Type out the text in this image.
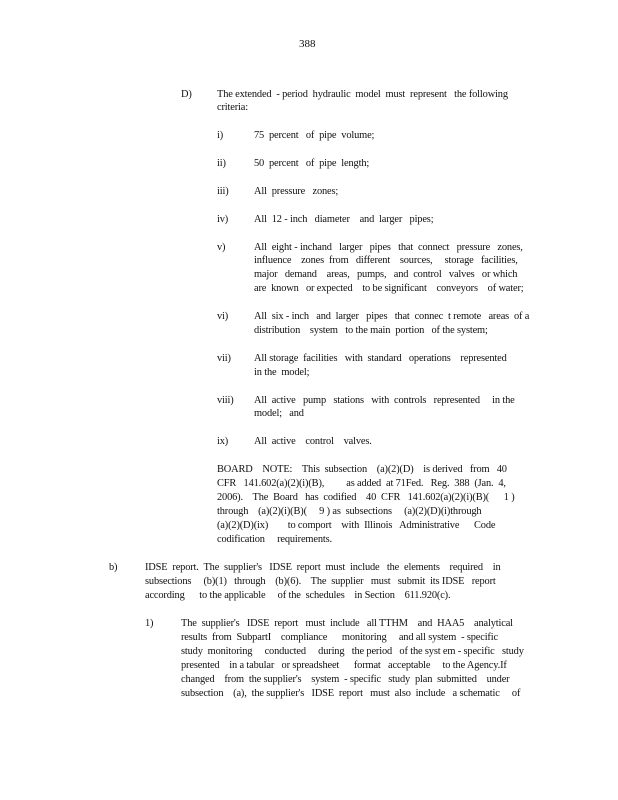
388
D) The extended  - period  hydraulic  model  must  represent   the following
criteria:
i)	75  percent   of  pipe  volume;
ii)	50  percent   of  pipe  length;
iii) All  pressure   zones;
iv) All  12 - inch   diameter    and  larger   pipes;
v)	All  eight - inchand   larger   pipes   that  connect   pressure   zones,
influence    zones  from   different    sources,     storage   facilities,
major   demand    areas,   pumps,   and  control   valves   or which
are  known   or expected    to be significant    conveyors    of water;
vi) All  six - inch   and  larger   pipes   that  connec  t remote   areas  of a
distribution    system   to the main  portion   of the system;
vii) All storage  facilities   with  standard   operations    represented
in the  model;
viii) All  active   pump   stations   with  controls   represented     in the
model;   and
ix) All  active    control    valves.
BOARD    NOTE:    This  subsection    (a)(2)(D)    is derived   from   40
CFR   141.602(a)(2)(i)(B),         as added  at 71Fed.   Reg.  388  (Jan.  4,
2006).    The  Board   has  codified    40  CFR   141.602(a)(2)(i)(B)(      1 )
through    (a)(2)(i)(B)(     9 ) as  subsections     (a)(2)(D)(i)through
(a)(2)(D)(ix)        to comport    with  Illinois   Administrative      Code
codification     requirements.
b)	IDSE  report.  The  supplier's   IDSE  report  must  include   the  elements    required    in
subsections     (b)(1)   through    (b)(6).    The  supplier   must   submit  its IDSE   report
according      to the applicable     of the  schedules    in Section    611.920(c).
1)	The  supplier's   IDSE  report   must  include   all TTHM    and  HAA5    analytical
results  from  SubpartI    compliance      monitoring     and all system  - specific
study  monitoring     conducted     during   the period   of the syst em - specific   study
presented    in a tabular   or spreadsheet      format   acceptable     to the Agency.If
changed    from  the supplier's    system  - specific   study  plan  submitted    under
subsection    (a),  the supplier's   IDSE  report   must  also  include   a schematic     of
